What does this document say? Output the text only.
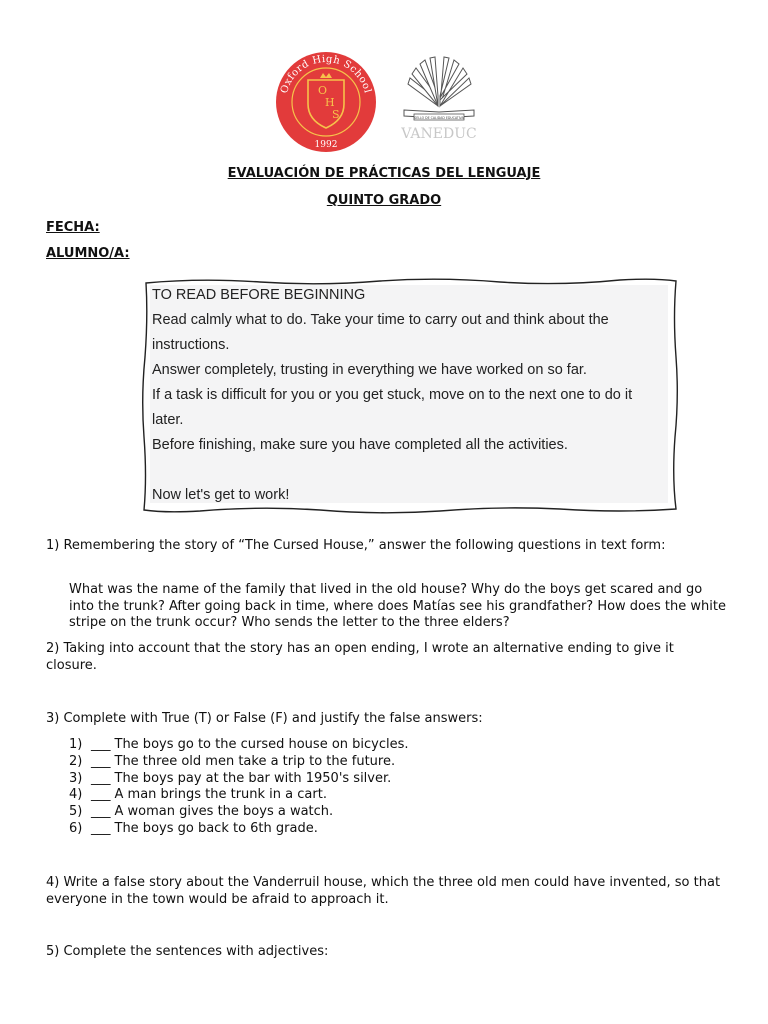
O
H
S
Oxford High School
1992
SELLO DE CALIDAD EDUCATIVA
VANEDUC
EVALUACIÓN DE PRÁCTICAS DEL LENGUAJE
QUINTO GRADO
FECHA:
ALUMNO/A:
TO READ BEFORE BEGINNING
Read calmly what to do. Take your time to carry out and think about the
instructions.
Answer completely, trusting in everything we have worked on so far.
If a task is difficult for you or you get stuck, move on to the next one to do it
later.
Before finishing, make sure you have completed all the activities.
Now let's get to work!
1) Remembering the story of “The Cursed House,” answer the following questions in text form:
What was the name of the family that lived in the old house? Why do the boys get scared and go into the trunk? After going back in time, where does Matías see his grandfather? How does the white stripe on the trunk occur? Who sends the letter to the three elders?
2) Taking into account that the story has an open ending, I wrote an alternative ending to give it closure.
3) Complete with True (T) or False (F) and justify the false answers:
1) ___ The boys go to the cursed house on bicycles.
2) ___ The three old men take a trip to the future.
3) ___ The boys pay at the bar with 1950's silver.
4) ___ A man brings the trunk in a cart.
5) ___ A woman gives the boys a watch.
6) ___ The boys go back to 6th grade.
4) Write a false story about the Vanderruil house, which the three old men could have invented, so that everyone in the town would be afraid to approach it.
5) Complete the sentences with adjectives:
